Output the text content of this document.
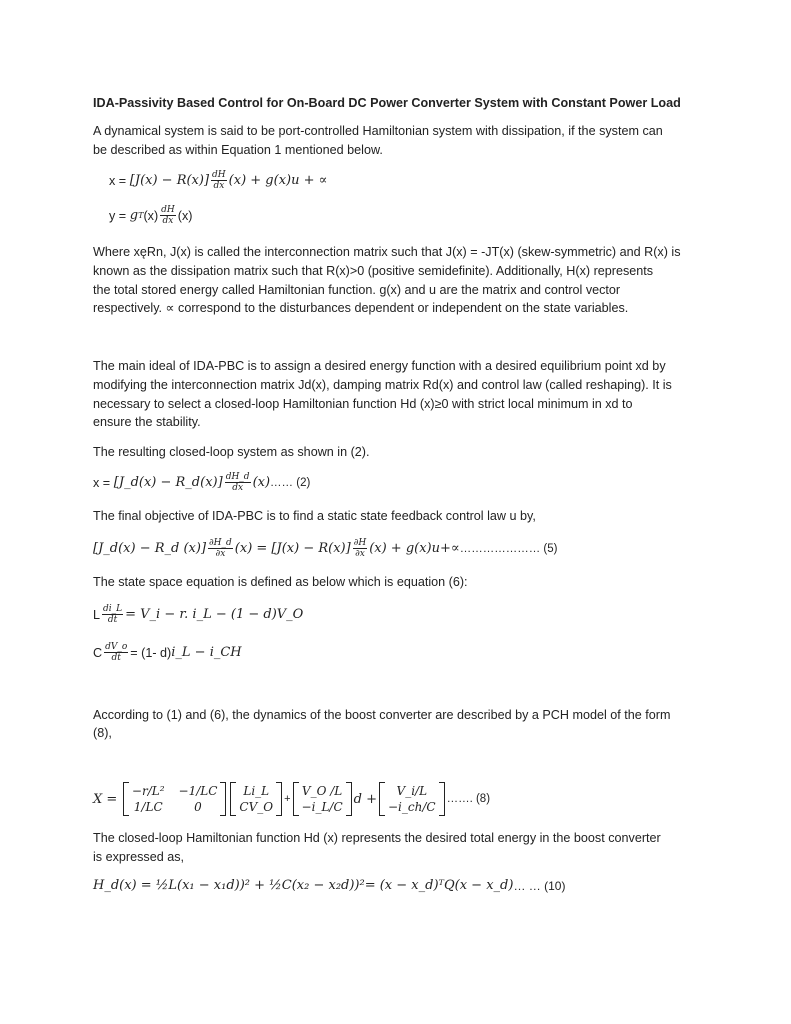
IDA-Passivity Based Control for On-Board DC Power Converter System with Constant Power Load
A dynamical system is said to be port-controlled Hamiltonian system with dissipation, if the system can
be described as within Equation 1 mentioned below.
x =
$[J(x) - R(x)] \frac{dH}{dx} (x) + g(x)u$ + ∝
y =
g T $(x) \frac{dH}{dx} (x)$
Where xęRn, J(x) is called the interconnection matrix such that J(x) = -JT(x) (skew-symmetric) and R(x) is
known as the dissipation matrix such that R(x)>0 (positive semidefinite). Additionally, H(x) represents
the total stored energy called Hamiltonian function. g(x) and u are the matrix and control vector
respectively. ∝ correspond to the disturbances dependent or independent on the state variables.
The main ideal of IDA-PBC is to assign a desired energy function with a desired equilibrium point xd by
modifying the interconnection matrix Jd(x), damping matrix Rd(x) and control law (called reshaping). It is
necessary to select a closed-loop Hamiltonian function Hd (x)≥0 with strict local minimum in xd to
ensure the stability.
The resulting closed-loop system as shown in (2).
x =
[J_d(x) − R_d(x)] $\frac{dH\_d}{dx} (x)$ …… (2)
The final objective of IDA-PBC is to find a static state feedback control law u by,
[J_d(x) − R_d $(x)] \frac{\partial H\_d}{\partial x} (x) = [J(x) - R(x)] \frac{\partial H}{\partial x} (x) + g(x)u+\propto$ ………………… (5)
The state space equation is defined as below which is equation (6):
L $\frac{di\_L}{dt}$ = V_i − r. i_L − (1 − d)V_O
C $\frac{dV\_o}{dt} = (1-$ d) i_L − i_CH
According to (1) and (6), the dynamics of the boost converter are described by a PCH model of the form
(8),
X =

−r/L² −1/LC
1/LC	0
Li_L
CV_O
+
V_O /L
−i_L/C
d +
V_i/L
−i_ch/C
……. (8)
The closed-loop Hamiltonian function Hd (x) represents the desired total energy in the boost converter
is expressed as,
H_d(x) = ½L(x₁ − x₁d))² + ½C(x₂ − x₂d))²= (x − x_d)ᵀQ(x − x_d) … … (10)
